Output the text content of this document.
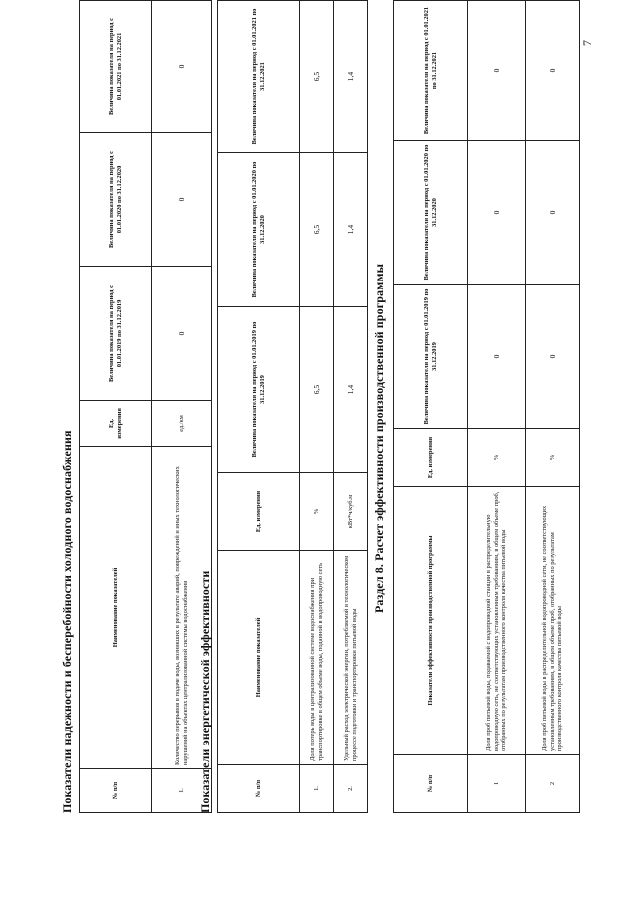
7
Показатели надежности и бесперебойности холодного водоснабжения	№ п/п	Наименование показателей	Ед. измерения	Величина показателя на период с 01.01.2019 по 31.12.2019	Величина показателя на период с 01.01.2020 по 31.12.2020	Величина показателя на период с 01.01.2021 по 31.12.2021
1.	Количество перерывов в подаче воды, возникших в результате аварий, повреждений и иных технологических нарушений на объектах централизованной системы водоснабжения	ед./км	0	0	0
Показатели энергетической эффективности	№ п/п	Наименование показателей	Ед. измерения	Величина показателя на период с 01.01.2019 по 31.12.2019	Величина показателя на период с 01.01.2020 по 31.12.2020	Величина показателя на период с 01.01.2021 по 31.12.2021
1.	Доля потерь воды в централизованной системе водоснабжения при транспортировке в общем объеме воды, поданной в водопроводную сеть	%	6,5	6,5	6,5
2.	Удельный расход электрической энергии, потребляемой в технологическом процессе подготовки и транспортировки питьевой воды	кВт*ч/куб.м	1,4	1,4	1,4
Раздел 8. Расчет эффективности производственной программы
№ п/п	Показатели эффективности производственной программы	Ед. измерения	Величина показателя на период с 01.01.2019 по 31.12.2019	Величина показателя на период с 01.01.2020 по 31.12.2020	Величина показателя на период с 01.01.2021 по 31.12.2021
1	Доля проб питьевой воды, подаваемой с водопроводной станции в распределительную водопроводную сеть, не соответствующих установленным требованиям, в общем объеме проб, отобранных по результатам производственного контроля качества питьевой воды	%	0	0	0
2	Доля проб питьевой воды в распределительной водопроводной сети, не соответствующих установленным требованиям, в общем объеме проб, отобранных по результатам производственного контроля качества питьевой воды	%	0	0	0
